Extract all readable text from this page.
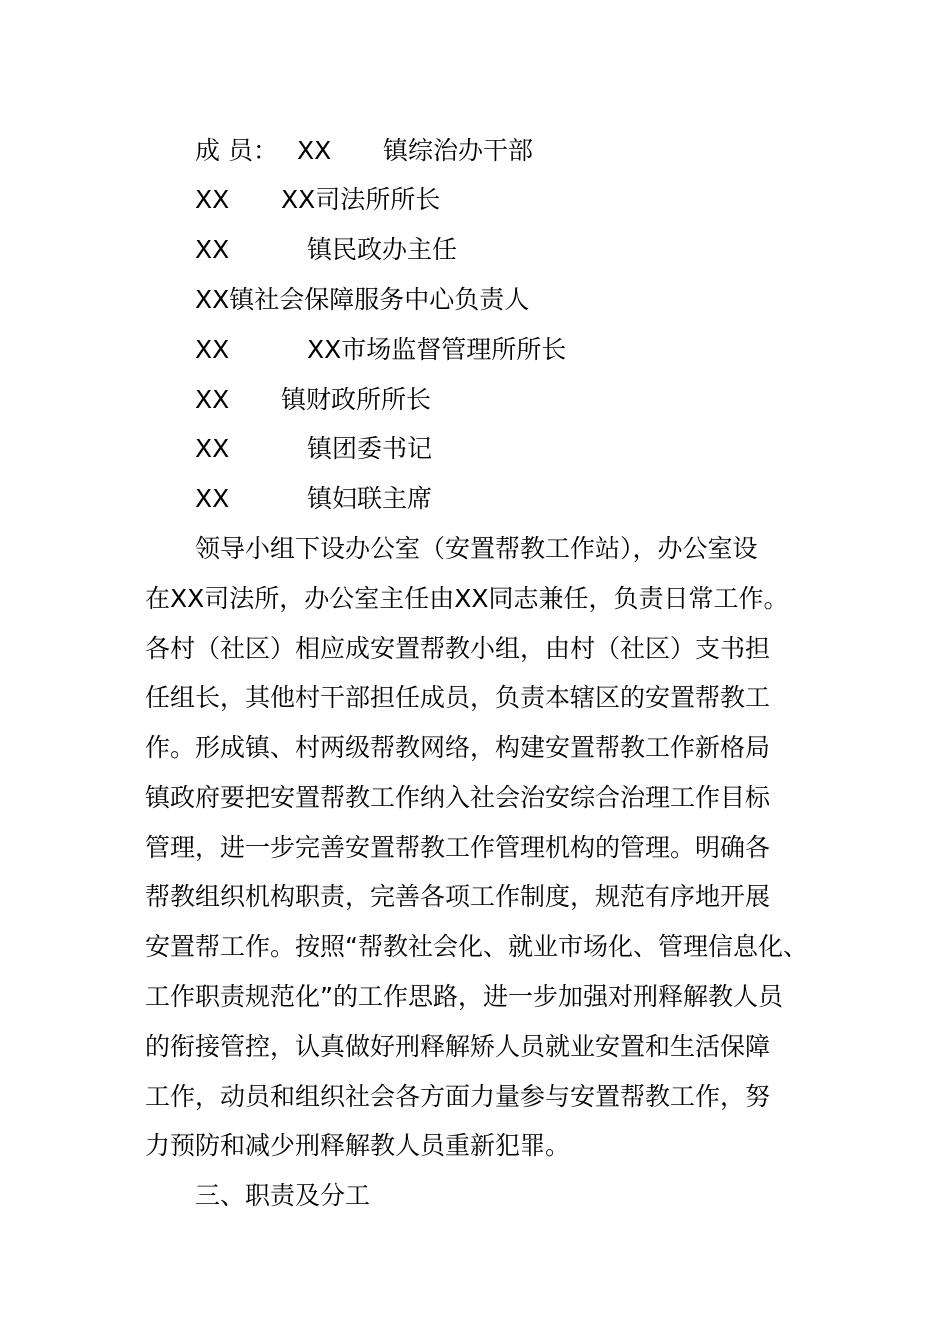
成 员： XX 镇综治办干部
XX XX司法所所长
XX	镇民政办主任
XX镇社会保障服务中心负责人
XX	XX市场监督管理所所长
XX 镇财政所所长
XX	镇团委书记
XX	镇妇联主席
领导小组下设办公室（安置帮教工作站），办公室设
在XX司法所，办公室主任由XX同志兼任，负责日常工作。
各村（社区）相应成安置帮教小组，由村（社区）支书担
任组长，其他村干部担任成员，负责本辖区的安置帮教工
作。形成镇、村两级帮教网络，构建安置帮教工作新格局
镇政府要把安置帮教工作纳入社会治安综合治理工作目标
管理，进一步完善安置帮教工作管理机构的管理。明确各
帮教组织机构职责，完善各项工作制度，规范有序地开展
安置帮工作。按照“帮教社会化、就业市场化、管理信息化、
工作职责规范化”的工作思路，进一步加强对刑释解教人员
的衔接管控，认真做好刑释解矫人员就业安置和生活保障
工作，动员和组织社会各方面力量参与安置帮教工作，努
力预防和减少刑释解教人员重新犯罪。
三、职责及分工
